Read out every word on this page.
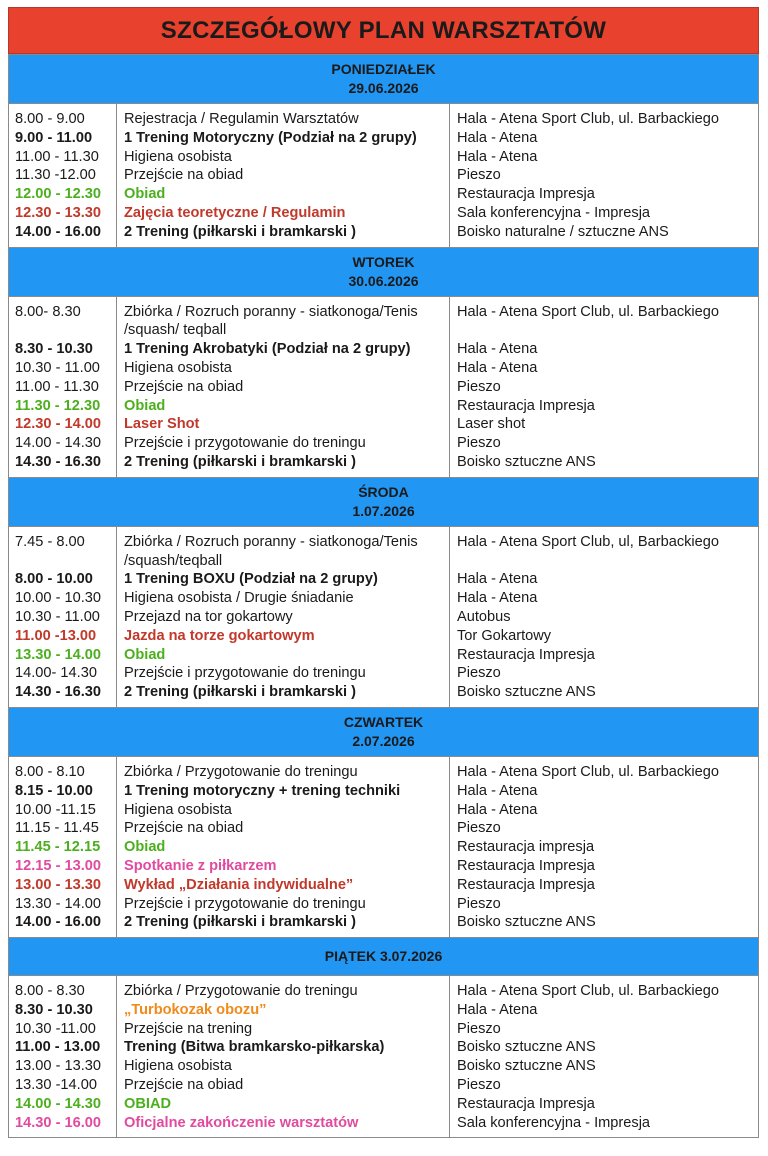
SZCZEGÓŁOWY PLAN WARSZTATÓW
PONIEDZIAŁEK
29.06.2026
8.00 - 9.00
9.00 - 11.00
11.00 - 11.30
11.30 -12.00
12.00 - 12.30
12.30 - 13.30
14.00 - 16.00
Rejestracja / Regulamin Warsztatów
1 Trening Motoryczny (Podział na 2 grupy)
Higiena osobista
Przejście na obiad
Obiad
Zajęcia teoretyczne / Regulamin
2 Trening (piłkarski i bramkarski )
Hala - Atena Sport Club, ul. Barbackiego
Hala - Atena
Hala - Atena
Pieszo
Restauracja Impresja
Sala konferencyjna - Impresja
Boisko naturalne / sztuczne ANS
WTOREK
30.06.2026
8.00- 8.30
8.30 - 10.30
10.30 - 11.00
11.00 - 11.30
11.30 - 12.30
12.30 - 14.00
14.00 - 14.30
14.30 - 16.30
Zbiórka / Rozruch poranny - siatkonoga/Tenis
/squash/ teqball
1 Trening Akrobatyki (Podział na 2 grupy)
Higiena osobista
Przejście na obiad
Obiad
Laser Shot
Przejście i przygotowanie do treningu
2 Trening (piłkarski i bramkarski )
Hala - Atena Sport Club, ul. Barbackiego
Hala - Atena
Hala - Atena
Pieszo
Restauracja Impresja
Laser shot
Pieszo
Boisko sztuczne ANS
ŚRODA
1.07.2026
7.45 - 8.00
8.00 - 10.00
10.00 - 10.30
10.30 - 11.00
11.00 -13.00
13.30 - 14.00
14.00- 14.30
14.30 - 16.30
Zbiórka / Rozruch poranny - siatkonoga/Tenis
/squash/teqball
1 Trening BOXU (Podział na 2 grupy)
Higiena osobista / Drugie śniadanie
Przejazd na tor gokartowy
Jazda na torze gokartowym
Obiad
Przejście i przygotowanie do treningu
2 Trening (piłkarski i bramkarski )
Hala - Atena Sport Club, ul, Barbackiego
Hala - Atena
Hala - Atena
Autobus
Tor Gokartowy
Restauracja Impresja
Pieszo
Boisko sztuczne ANS
CZWARTEK
2.07.2026
8.00 - 8.10
8.15 - 10.00
10.00 -11.15
11.15 - 11.45
11.45 - 12.15
12.15 - 13.00
13.00 - 13.30
13.30 - 14.00
14.00 - 16.00
Zbiórka / Przygotowanie do treningu
1 Trening motoryczny + trening techniki
Higiena osobista
Przejście na obiad
Obiad
Spotkanie z piłkarzem
Wykład „Działania indywidualne”
Przejście i przygotowanie do treningu
2 Trening (piłkarski i bramkarski )
Hala - Atena Sport Club, ul. Barbackiego
Hala - Atena
Hala - Atena
Pieszo
Restauracja impresja
Restauracja Impresja
Restauracja Impresja
Pieszo
Boisko sztuczne ANS
PIĄTEK 3.07.2026
8.00 - 8.30
8.30 - 10.30
10.30 -11.00
11.00 - 13.00
13.00 - 13.30
13.30 -14.00
14.00 - 14.30
14.30 - 16.00
Zbiórka / Przygotowanie do treningu
„Turbokozak obozu”
Przejście na trening
Trening (Bitwa bramkarsko-piłkarska)
Higiena osobista
Przejście na obiad
OBIAD
Oficjalne zakończenie warsztatów
Hala - Atena Sport Club, ul. Barbackiego
Hala - Atena
Pieszo
Boisko sztuczne ANS
Boisko sztuczne ANS
Pieszo
Restauracja Impresja
Sala konferencyjna - Impresja
